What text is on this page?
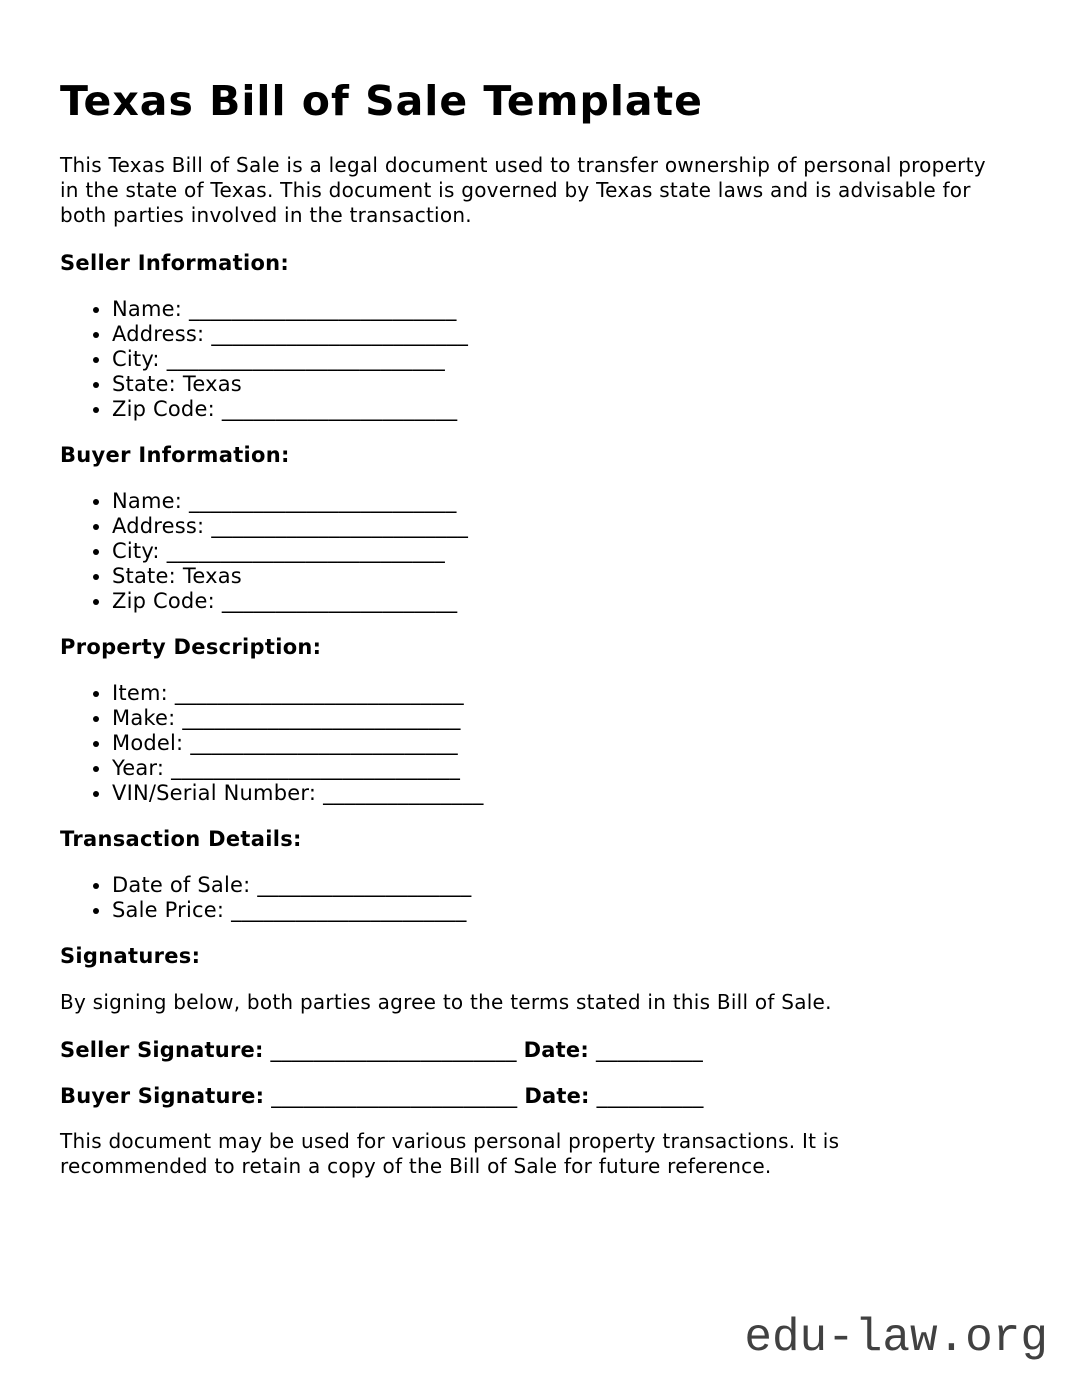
Texas Bill of Sale Template
This Texas Bill of Sale is a legal document used to transfer ownership of personal property
in the state of Texas. This document is governed by Texas state laws and is advisable for
both parties involved in the transaction.
Seller Information:
• Name: _________________________
• Address: ________________________
• City: __________________________
• State: Texas
• Zip Code: ______________________
Buyer Information:
• Name: _________________________
• Address: ________________________
• City: __________________________
• State: Texas
• Zip Code: ______________________
Property Description:
• Item: ___________________________
• Make: __________________________
• Model: _________________________
• Year: ___________________________
• VIN/Serial Number: _______________
Transaction Details:
• Date of Sale: ____________________
• Sale Price: ______________________
Signatures:

By signing below, both parties agree to the terms stated in this Bill of Sale.

Seller Signature: _______________________ Date: __________

Buyer Signature: _______________________ Date: __________

This document may be used for various personal property transactions. It is
recommended to retain a copy of the Bill of Sale for future reference.
edu-law.org
